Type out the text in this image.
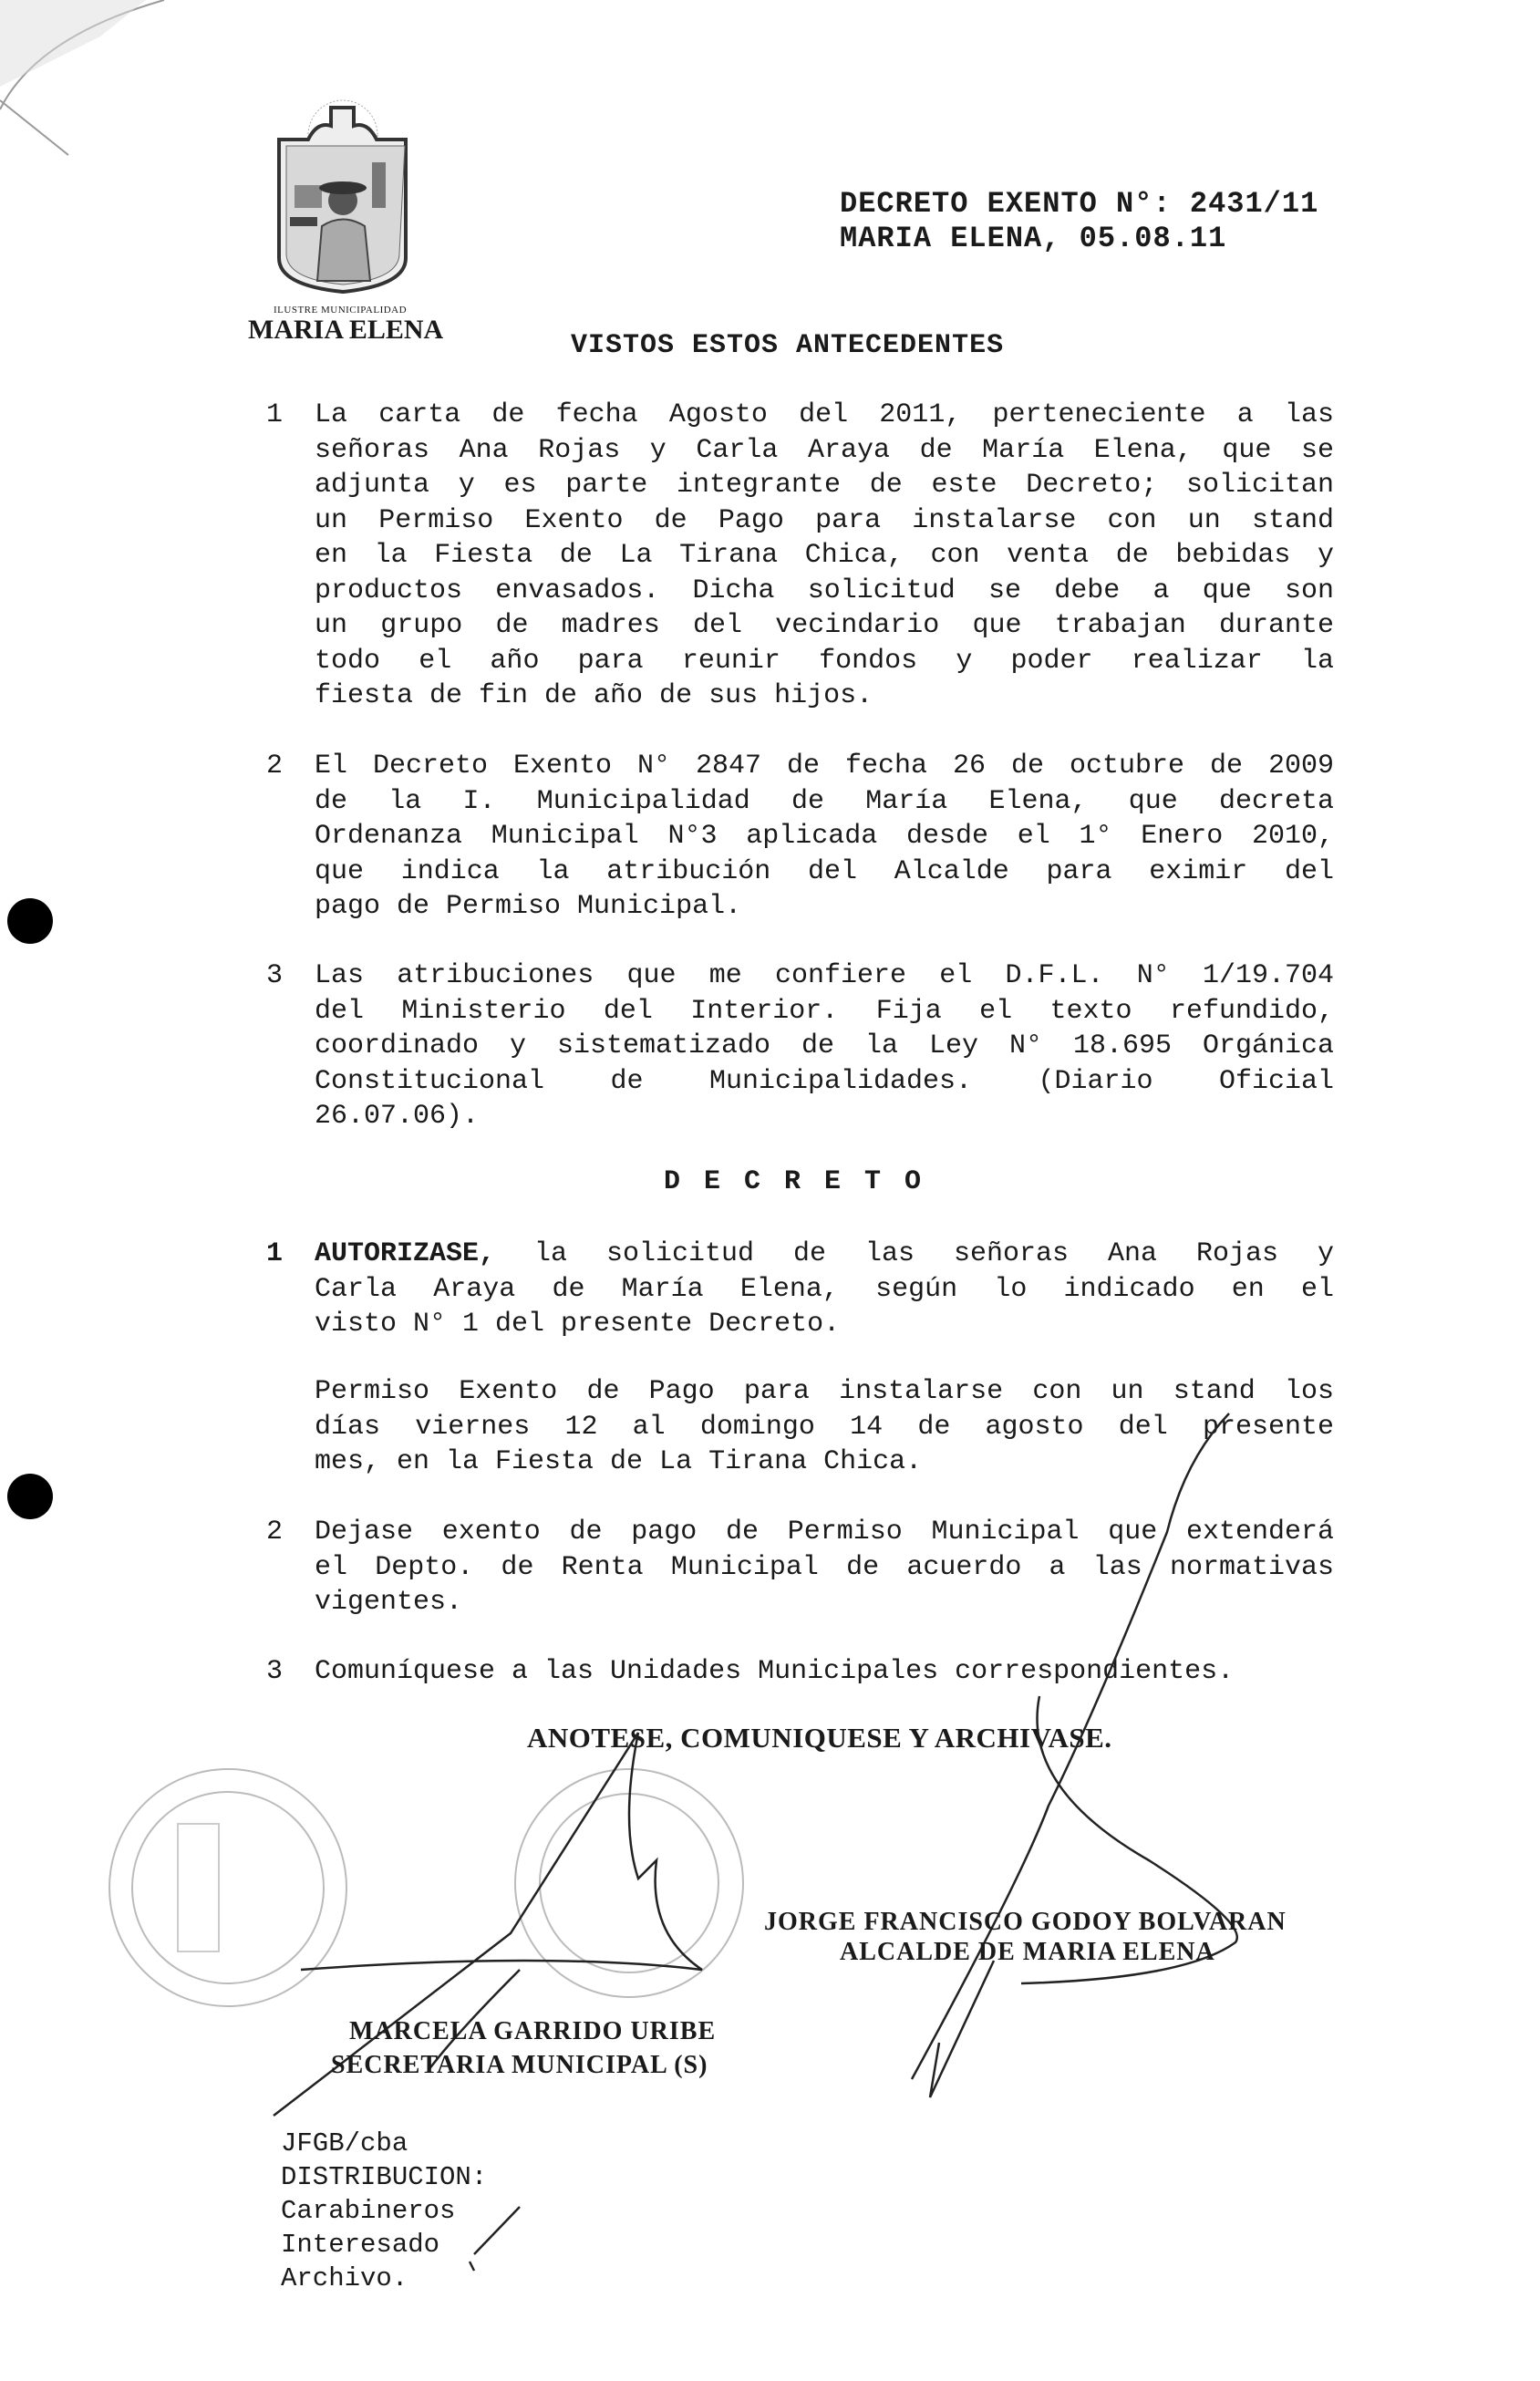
ILUSTRE MUNICIPALIDAD
MARIA ELENA
DECRETO EXENTO N°: 2431/11
MARIA ELENA, 05.08.11
VISTOS ESTOS ANTECEDENTES
1 La carta de fecha Agosto del 2011, perteneciente a las
señoras Ana Rojas y Carla Araya de María Elena, que se
adjunta y es parte integrante de este Decreto; solicitan
un Permiso Exento de Pago para instalarse con un stand
en la Fiesta de La Tirana Chica, con venta de bebidas y
productos envasados. Dicha solicitud se debe a que son
un grupo de madres del vecindario que trabajan durante
todo el año para reunir fondos y poder realizar la
fiesta de fin de año de sus hijos.
2 El Decreto Exento N° 2847 de fecha 26 de octubre de 2009
de la I. Municipalidad de María Elena, que decreta
Ordenanza Municipal N°3 aplicada desde el 1° Enero 2010,
que indica la atribución del Alcalde para eximir del
pago de Permiso Municipal.
3 Las atribuciones que me confiere el D.F.L. N° 1/19.704
del Ministerio del Interior. Fija el texto refundido,
coordinado y sistematizado de la Ley N° 18.695 Orgánica
Constitucional de Municipalidades. (Diario Oficial
26.07.06).
D E C R E T O
1 AUTORIZASE, la solicitud de las señoras Ana Rojas y
Carla Araya de María Elena, según lo indicado en el
visto N° 1 del presente Decreto.
Permiso Exento de Pago para instalarse con un stand los
días viernes 12 al domingo 14 de agosto del presente
mes, en la Fiesta de La Tirana Chica.
2 Dejase exento de pago de Permiso Municipal que extenderá
el Depto. de Renta Municipal de acuerdo a las normativas
vigentes.
3 Comuníquese a las Unidades Municipales correspondientes.
ANOTESE, COMUNIQUESE Y ARCHIVASE.
JORGE FRANCISCO GODOY BOLVARAN
ALCALDE DE MARIA ELENA
MARCELA GARRIDO URIBE
SECRETARIA MUNICIPAL (S)
JFGB/cba
DISTRIBUCION:
Carabineros
Interesado
Archivo.
